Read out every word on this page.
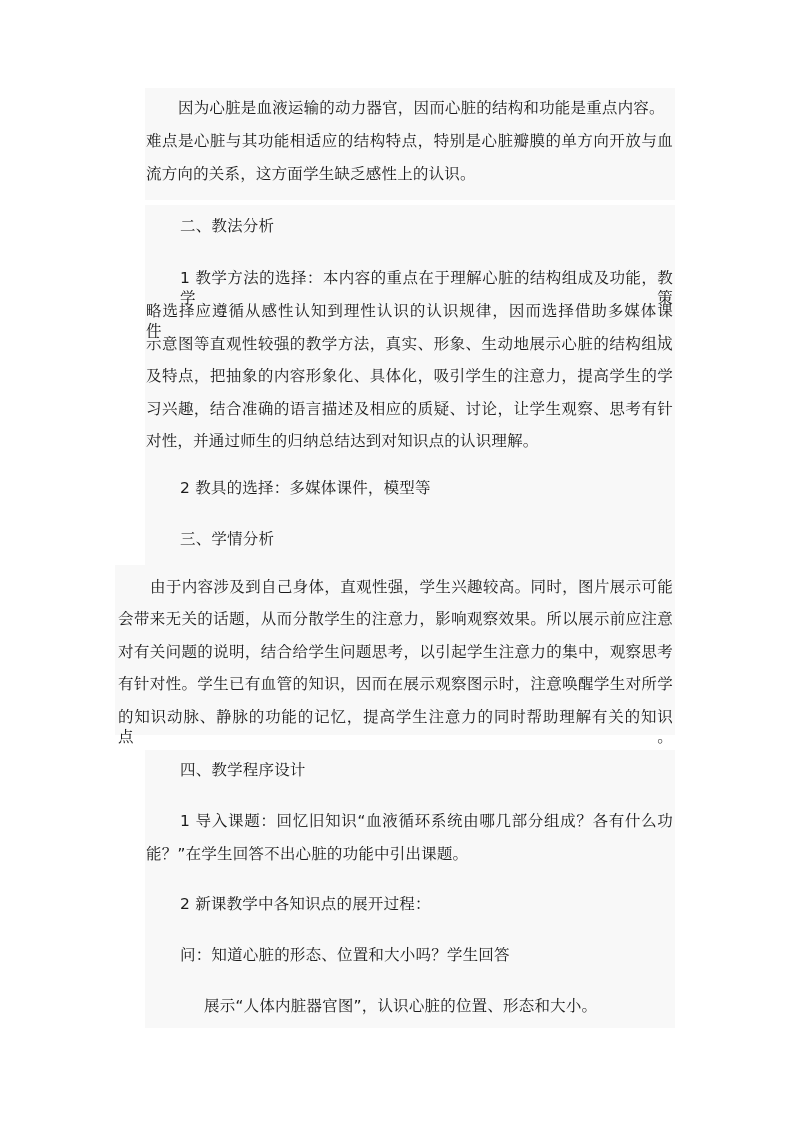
因为心脏是血液运输的动力器官，因而心脏的结构和功能是重点内容。
难点是心脏与其功能相适应的结构特点，特别是心脏瓣膜的单方向开放与血
流方向的关系，这方面学生缺乏感性上的认识。
二、教法分析
1 教学方法的选择：本内容的重点在于理解心脏的结构组成及功能，教学策
略选择应遵循从感性认知到理性认识的认识规律，因而选择借助多媒体课件，
示意图等直观性较强的教学方法，真实、形象、生动地展示心脏的结构组成
及特点，把抽象的内容形象化、具体化，吸引学生的注意力，提高学生的学
习兴趣，结合准确的语言描述及相应的质疑、讨论，让学生观察、思考有针
对性，并通过师生的归纳总结达到对知识点的认识理解。
2 教具的选择：多媒体课件，模型等
三、学情分析
由于内容涉及到自己身体，直观性强，学生兴趣较高。同时，图片展示可能
会带来无关的话题，从而分散学生的注意力，影响观察效果。所以展示前应注意
对有关问题的说明，结合给学生问题思考，以引起学生注意力的集中，观察思考
有针对性。学生已有血管的知识，因而在展示观察图示时，注意唤醒学生对所学
的知识动脉、静脉的功能的记忆，提高学生注意力的同时帮助理解有关的知识点。
四、教学程序设计
1 导入课题：回忆旧知识“血液循环系统由哪几部分组成？各有什么功
能？”在学生回答不出心脏的功能中引出课题。
2 新课教学中各知识点的展开过程：
问：知道心脏的形态、位置和大小吗？学生回答
展示“人体内脏器官图”，认识心脏的位置、形态和大小。
